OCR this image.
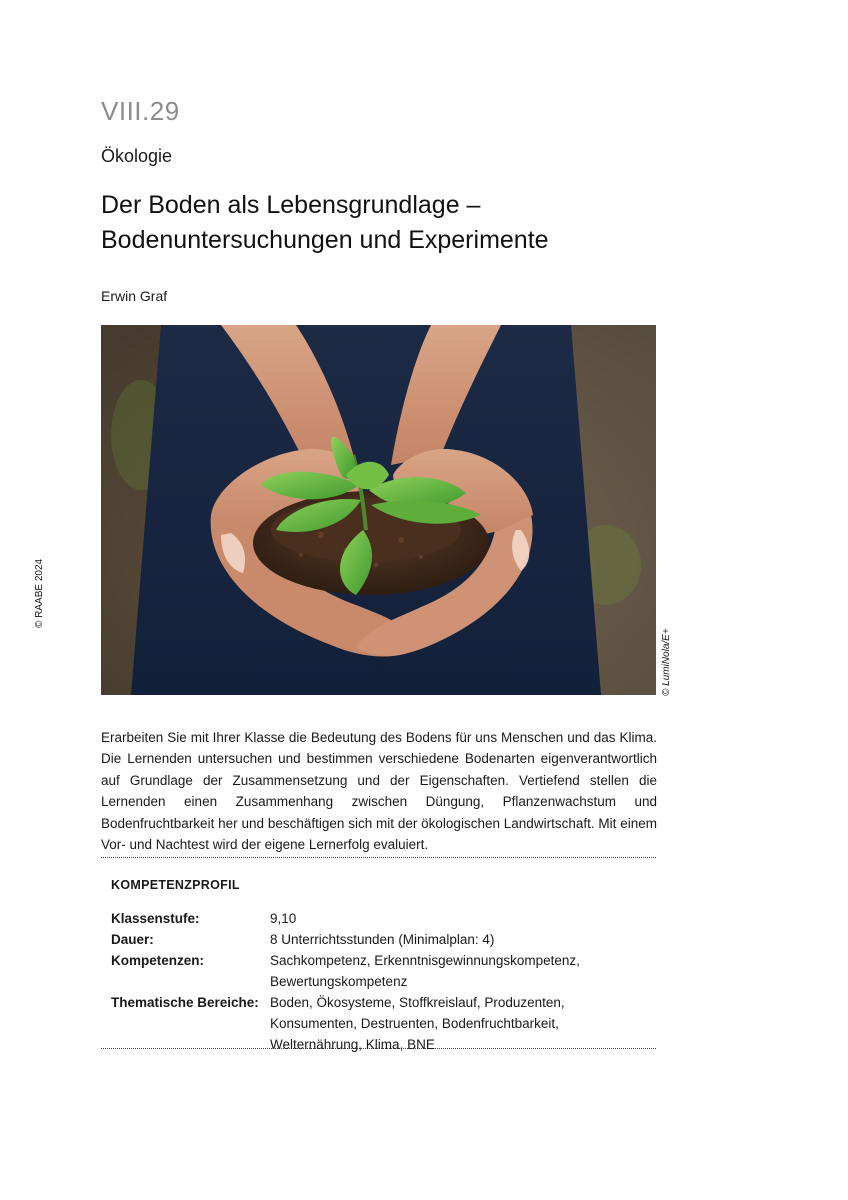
VIII.29
Ökologie
Der Boden als Lebensgrundlage –
Bodenuntersuchungen und Experimente
Erwin Graf
© RAABE 2024
© LumiNola/E+

Erarbeiten Sie mit Ihrer Klasse die Bedeutung des Bodens für uns Menschen und das Klima. Die Lernenden untersuchen und bestimmen verschiedene Bodenarten eigenverantwortlich auf Grundlage der Zusammensetzung und der Eigenschaften. Vertiefend stellen die Lernenden einen Zusammenhang zwischen Düngung, Pflanzenwachstum und Bodenfruchtbarkeit her und beschäftigen sich mit der ökologischen Landwirtschaft. Mit einem Vor- und Nachtest wird der eigene Lernerfolg evaluiert.

KOMPETENZPROFIL
Klassenstufe:	9,10
Dauer:	8 Unterrichtsstunden (Minimalplan: 4)
Kompetenzen:	Sachkompetenz, Erkenntnisgewinnungskompetenz, Bewertungskompetenz
Thematische Bereiche:	Boden, Ökosysteme, Stoffkreislauf, Produzenten, Konsumenten, Destruenten, Bodenfruchtbarkeit, Welternährung, Klima, BNE
